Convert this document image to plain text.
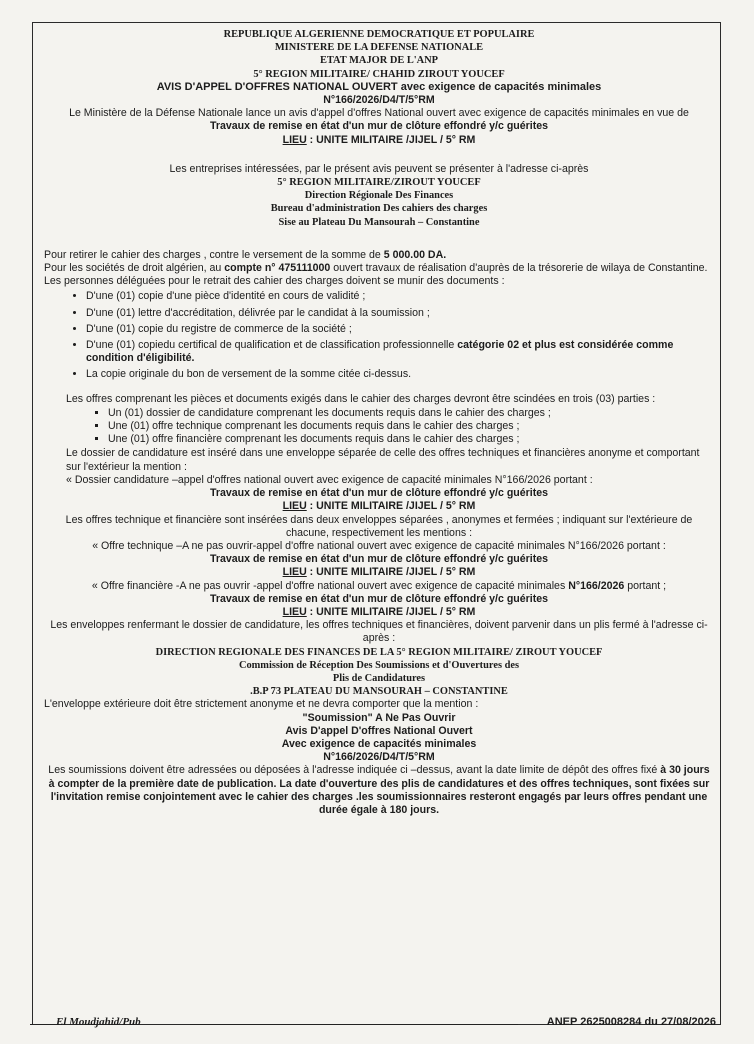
REPUBLIQUE ALGERIENNE DEMOCRATIQUE ET POPULAIRE

MINISTERE DE LA DEFENSE NATIONALE

ETAT MAJOR DE L'ANP

5° REGION MILITAIRE/ CHAHID ZIROUT YOUCEF

AVIS D'APPEL D'OFFRES NATIONAL OUVERT avec exigence de capacités minimales

N°166/2026/D4/T/5°RM

Le Ministère de la Défense Nationale lance un avis d'appel d'offres National ouvert avec exigence de capacités minimales en vue de

Travaux de remise en état d'un mur de clôture effondré y/c guérites

LIEU : UNITE MILITAIRE /JIJEL / 5° RM

Les entreprises intéressées, par le présent avis peuvent se présenter à l'adresse ci-après

5° REGION MILITAIRE/ZIROUT YOUCEF

Direction Régionale Des Finances

Bureau d'administration Des cahiers des charges

Sise au Plateau Du Mansourah – Constantine

Pour retirer le cahier des charges , contre le versement de la somme de 5 000.00 DA.

Pour les sociétés de droit algérien, au compte n° 475111000 ouvert travaux de réalisation d'auprès de la trésorerie de wilaya de Constantine.

Les personnes déléguées pour le retrait des cahier des charges doivent se munir des documents :

• D'une (01) copie d'une pièce d'identité en cours de validité ;
• D'une (01) lettre d'accréditation, délivrée par le candidat à la soumission ;
• D'une (01) copie du registre de commerce de la société ;
• D'une (01) copiedu certifical de qualification et de classification professionnelle catégorie 02 et plus est considérée comme condition d'éligibilité.
• La copie originale du bon de versement de la somme citée ci-dessus.

Les offres comprenant les pièces et documents exigés dans le cahier des charges devront être scindées en trois (03) parties :

▪ Un (01) dossier de candidature comprenant les documents requis dans le cahier des charges ;
▪ Une (01) offre technique comprenant les documents requis dans le cahier des charges ;
▪ Une (01) offre financière comprenant les documents requis dans le cahier des charges ;

Le dossier de candidature est inséré dans une enveloppe séparée de celle des offres techniques et financières anonyme et comportant sur l'extérieur la mention :

« Dossier candidature –appel d'offres national ouvert avec exigence de capacité minimales N°166/2026 portant :

Travaux de remise en état d'un mur de clôture effondré y/c guérites

LIEU : UNITE MILITAIRE /JIJEL / 5° RM

Les offres technique et financière sont insérées dans deux enveloppes séparées , anonymes et fermées ; indiquant sur l'extérieure de chacune, respectivement les mentions :

« Offre technique –A ne pas ouvrir-appel d'offre national ouvert avec exigence de capacité minimales N°166/2026 portant :

Travaux de remise en état d'un mur de clôture effondré y/c guérites

LIEU : UNITE MILITAIRE /JIJEL / 5° RM

« Offre financière -A ne pas ouvrir -appel d'offre national ouvert avec exigence de capacité minimales N°166/2026 portant ;

Travaux de remise en état d'un mur de clôture effondré y/c guérites

LIEU : UNITE MILITAIRE /JIJEL / 5° RM

Les enveloppes renfermant le dossier de candidature, les offres techniques et financières, doivent parvenir dans un plis fermé à l'adresse ci- après :

DIRECTION REGIONALE DES FINANCES DE LA 5° REGION MILITAIRE/ ZIROUT YOUCEF

Commission de Réception Des Soumissions et d'Ouvertures des

Plis de Candidatures

.B.P 73 PLATEAU DU MANSOURAH – CONSTANTINE

L'enveloppe extérieure doit être strictement anonyme et ne devra comporter que la mention :

"Soumission" A Ne Pas Ouvrir

Avis D'appel D'offres National Ouvert

Avec exigence de capacités minimales

N°166/2026/D4/T/5°RM

Les soumissions doivent être adressées ou déposées à l'adresse indiquée ci –dessus, avant la date limite de dépôt des offres fixé à 30 jours à compter de la première date de publication. La date d'ouverture des plis de candidatures et des offres techniques, sont fixées sur l'invitation remise conjointement avec le cahier des charges .les soumissionnaires resteront engagés par leurs offres pendant une durée égale à 180 jours.

El Moudjahid/Pub	ANEP 2625008284 du 27/08/2026
